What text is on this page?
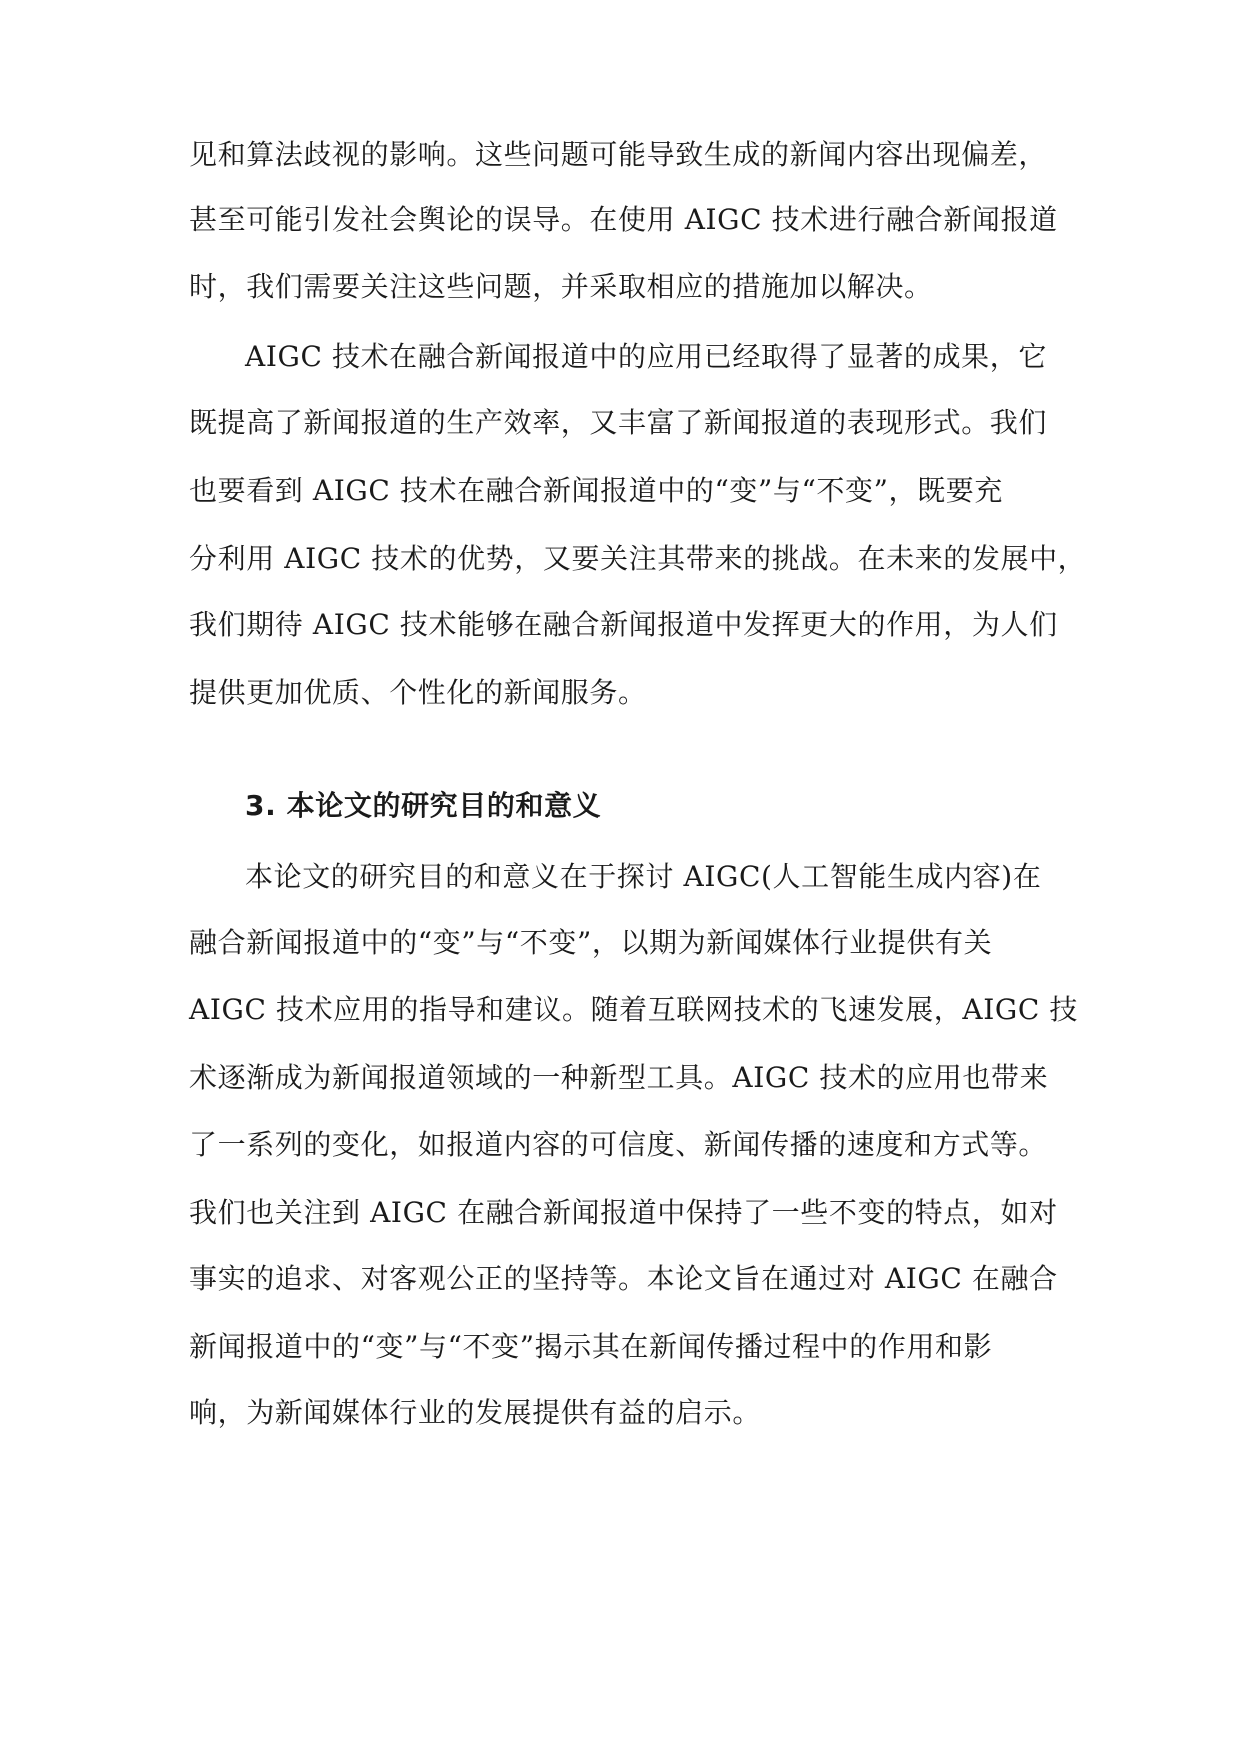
见和算法歧视的影响。这些问题可能导致生成的新闻内容出现偏差，
甚至可能引发社会舆论的误导。在使用 AIGC 技术进行融合新闻报道
时，我们需要关注这些问题，并采取相应的措施加以解决。
AIGC 技术在融合新闻报道中的应用已经取得了显著的成果，它
既提高了新闻报道的生产效率，又丰富了新闻报道的表现形式。我们
也要看到 AIGC 技术在融合新闻报道中的“变”与“不变”，既要充
分利用 AIGC 技术的优势，又要关注其带来的挑战。在未来的发展中，
我们期待 AIGC 技术能够在融合新闻报道中发挥更大的作用，为人们
提供更加优质、个性化的新闻服务。
3. 本论文的研究目的和意义
本论文的研究目的和意义在于探讨 AIGC(人工智能生成内容)在
融合新闻报道中的“变”与“不变”，以期为新闻媒体行业提供有关
AIGC 技术应用的指导和建议。随着互联网技术的飞速发展，AIGC 技
术逐渐成为新闻报道领域的一种新型工具。AIGC 技术的应用也带来
了一系列的变化，如报道内容的可信度、新闻传播的速度和方式等。
我们也关注到 AIGC 在融合新闻报道中保持了一些不变的特点，如对
事实的追求、对客观公正的坚持等。本论文旨在通过对 AIGC 在融合
新闻报道中的“变”与“不变”揭示其在新闻传播过程中的作用和影
响，为新闻媒体行业的发展提供有益的启示。
